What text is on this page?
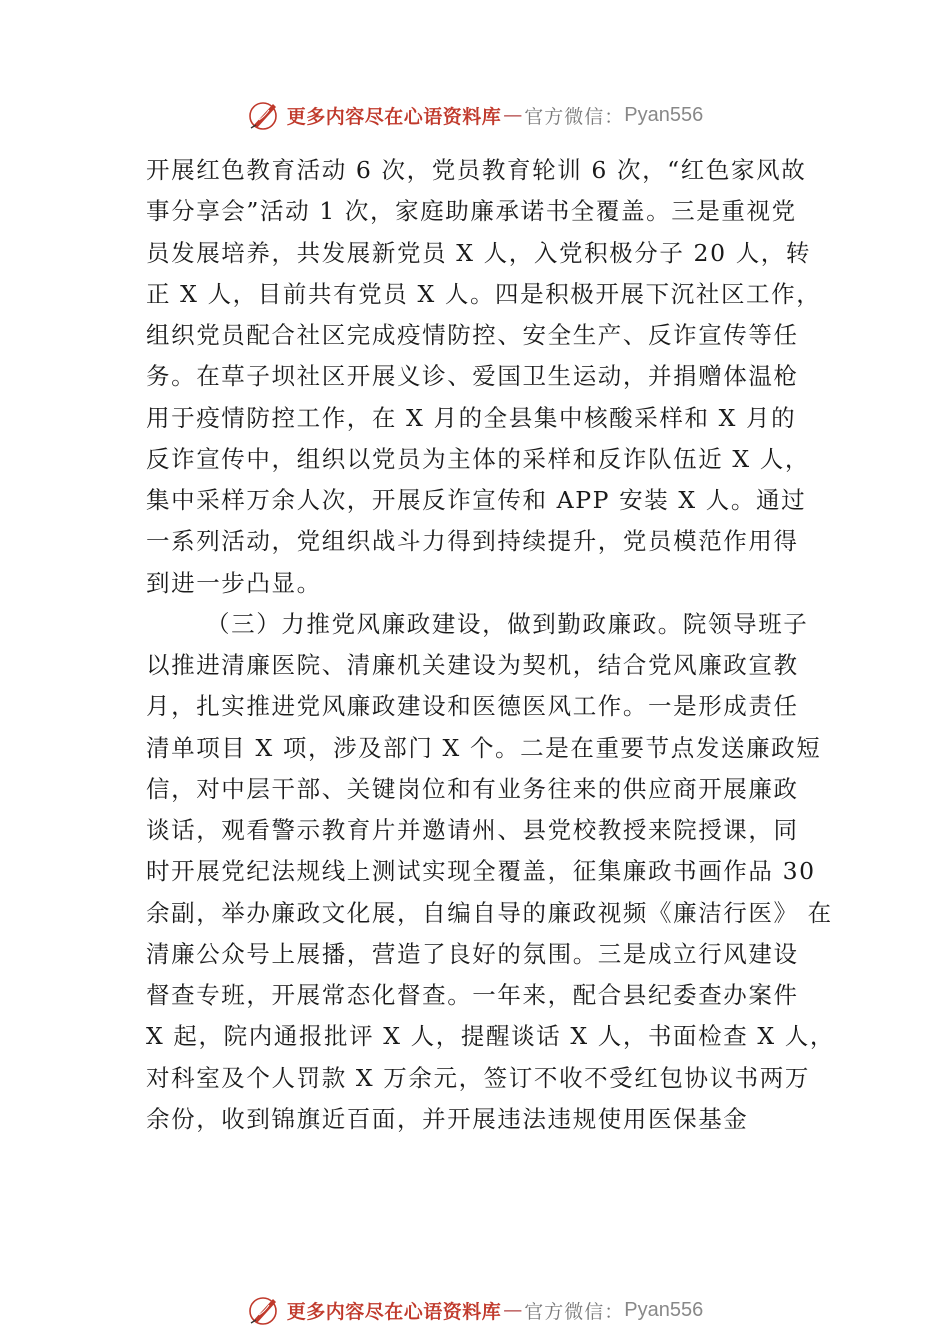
更多内容尽在心语资料库 — 官方微信： Pyan556
开展红色教育活动 6 次，党员教育轮训 6 次，“红色家风故
事分享会”活动 1 次，家庭助廉承诺书全覆盖。三是重视党
员发展培养，共发展新党员 X 人，入党积极分子 20 人，转
正 X 人，目前共有党员 X 人。四是积极开展下沉社区工作，
组织党员配合社区完成疫情防控、安全生产、反诈宣传等任
务。在草子坝社区开展义诊、爱国卫生运动，并捐赠体温枪
用于疫情防控工作，在 X 月的全县集中核酸采样和 X 月的
反诈宣传中，组织以党员为主体的采样和反诈队伍近 X 人，
集中采样万余人次，开展反诈宣传和 APP 安装 X 人。通过
一系列活动，党组织战斗力得到持续提升，党员模范作用得
到进一步凸显。
（三）力推党风廉政建设，做到勤政廉政。院领导班子
以推进清廉医院、清廉机关建设为契机，结合党风廉政宣教
月，扎实推进党风廉政建设和医德医风工作。一是形成责任
清单项目 X 项，涉及部门 X 个。二是在重要节点发送廉政短
信，对中层干部、关键岗位和有业务往来的供应商开展廉政
谈话，观看警示教育片并邀请州、县党校教授来院授课，同
时开展党纪法规线上测试实现全覆盖，征集廉政书画作品 30
余副，举办廉政文化展，自编自导的廉政视频《廉洁行医》 在
清廉公众号上展播，营造了良好的氛围。三是成立行风建设
督查专班，开展常态化督查。一年来，配合县纪委查办案件
X 起，院内通报批评 X 人，提醒谈话 X 人，书面检查 X 人，
对科室及个人罚款 X 万余元，签订不收不受红包协议书两万
余份，收到锦旗近百面，并开展违法违规使用医保基金
更多内容尽在心语资料库 — 官方微信： Pyan556
